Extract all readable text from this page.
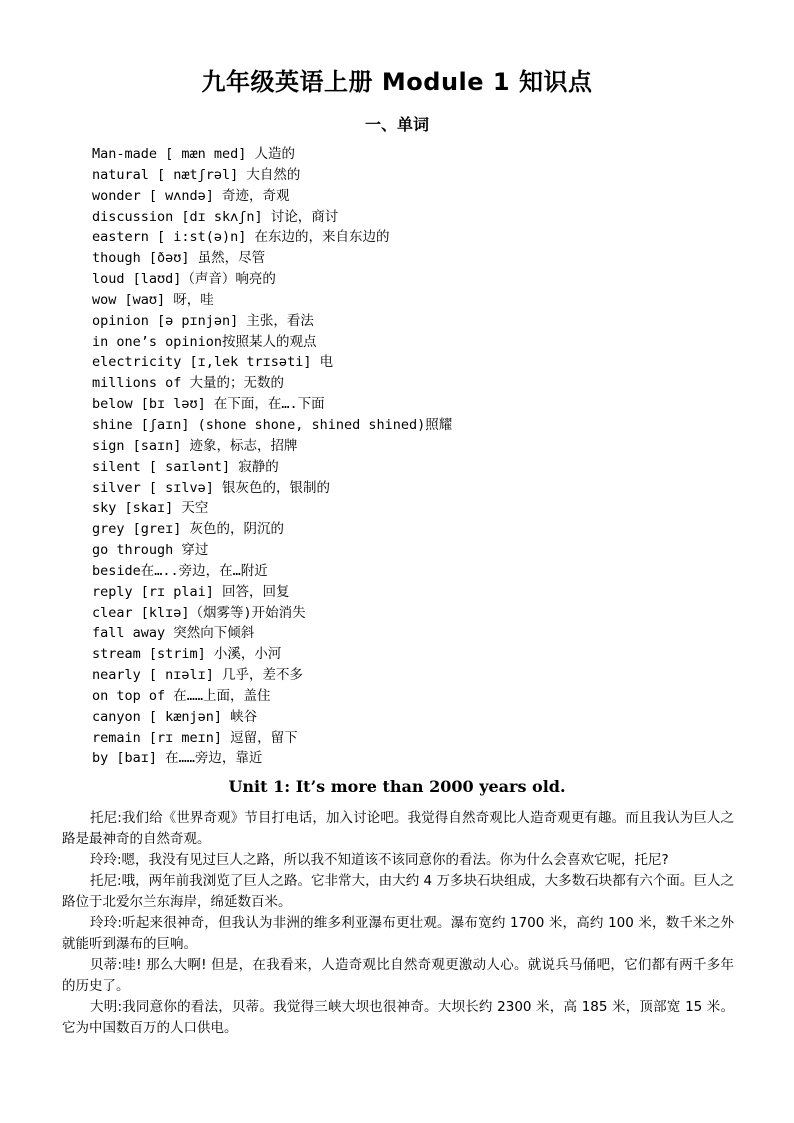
九年级英语上册 Module 1 知识点
一、单词
Man-made [ mæn med] 人造的
natural [ nætʃrəl] 大自然的
wonder [ wʌndə] 奇迹，奇观
discussion [dɪ skʌʃn] 讨论，商讨
eastern [ i:st(ə)n] 在东边的，来自东边的
though [ðəʊ] 虽然，尽管
loud [laʊd]（声音）响亮的
wow [waʊ] 呀，哇
opinion [ə pɪnjən] 主张，看法
in one’s opinion按照某人的观点
electricity [ɪ,lek trɪsəti] 电
millions of 大量的；无数的
below [bɪ ləʊ] 在下面，在….下面
shine [ʃaɪn] (shone shone, shined shined)照耀
sign [saɪn] 迹象，标志，招牌
silent [ saɪlənt] 寂静的
silver [ sɪlvə] 银灰色的，银制的
sky [skaɪ] 天空
grey [greɪ] 灰色的，阴沉的
go through 穿过
beside在…..旁边，在…附近
reply [rɪ plai] 回答，回复
clear [klɪə]（烟雾等)开始消失
fall away 突然向下倾斜
stream [strim] 小溪，小河
nearly [ nɪəlɪ] 几乎，差不多
on top of 在……上面，盖住
canyon [ kænjən] 峡谷
remain [rɪ meɪn] 逗留，留下
by [baɪ] 在……旁边，靠近
Unit 1: It’s more than 2000 years old.

托尼:我们给《世界奇观》节目打电话，加入讨论吧。我觉得自然奇观比人造奇观更有趣。而且我认为巨人之路是最神奇的自然奇观。

玲玲:嗯，我没有见过巨人之路，所以我不知道该不该同意你的看法。你为什么会喜欢它呢，托尼?

托尼:哦，两年前我浏览了巨人之路。它非常大，由大约 4 万多块石块组成，大多数石块都有六个面。巨人之路位于北爱尔兰东海岸，绵延数百米。

玲玲:听起来很神奇，但我认为非洲的维多利亚瀑布更壮观。瀑布宽约 1700 米，高约 100 米，数千米之外就能听到瀑布的巨响。

贝蒂:哇! 那么大啊! 但是，在我看来，人造奇观比自然奇观更激动人心。就说兵马俑吧，它们都有两千多年的历史了。

大明:我同意你的看法，贝蒂。我觉得三峡大坝也很神奇。大坝长约 2300 米，高 185 米，顶部宽 15 米。它为中国数百万的人口供电。
